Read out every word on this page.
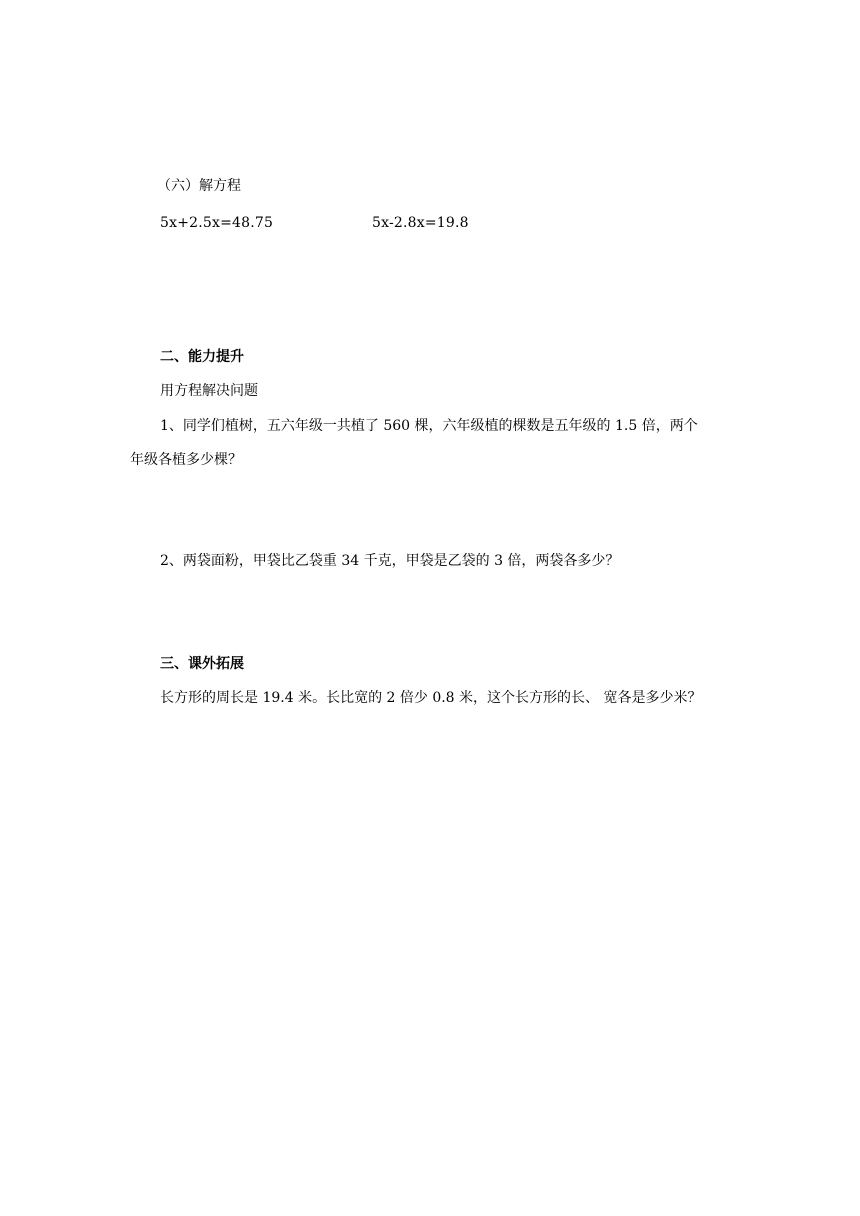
（六）解方程
5x+2.5x=48.75	5x-2.8x=19.8
二、能力提升
用方程解决问题
1、同学们植树，五六年级一共植了 560 棵，六年级植的棵数是五年级的 1.5 倍，两个
年级各植多少棵？
2、两袋面粉，甲袋比乙袋重 34 千克，甲袋是乙袋的 3 倍，两袋各多少？
三、课外拓展
长方形的周长是 19.4 米。长比宽的 2 倍少 0.8 米，这个长方形的长、 宽各是多少米？
